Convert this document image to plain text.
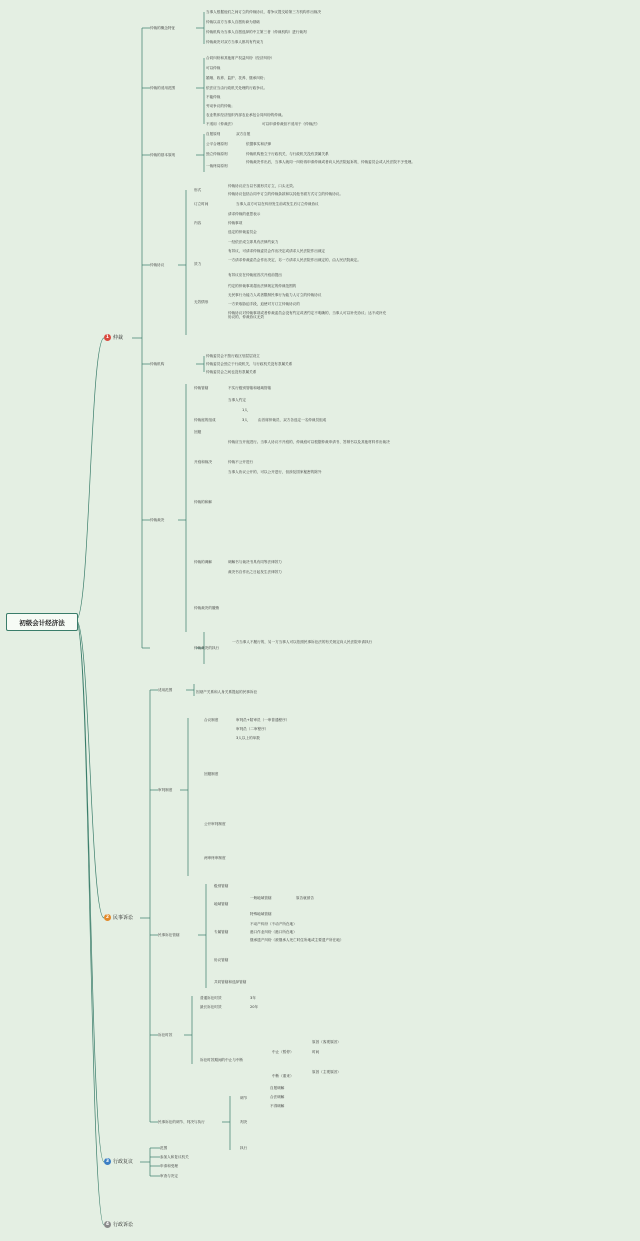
初级会计经济法
1 仲裁
2 民事诉讼
3 行政复议
4 行政诉讼
仲裁的概念特征
当事人根据他们之间订立的仲裁协议，将争议提交给第三方机构作出裁决
仲裁以双方当事人自愿协商为基础
仲裁机构为当事人自愿选择的中立第三者（仲裁机构）进行裁判
仲裁裁决对双方当事人都具有约束力
仲裁的适用范围
合同纠纷和其他财产权益纠纷（经济纠纷）
可以仲裁
婚姻、收养、监护、扶养、继承纠纷；
依法应当由行政机关处理的行政争议。
不能仲裁
劳动争议的仲裁；
农业集体经济组织内部农业承包合同纠纷的仲裁。
不适用《仲裁法》	可以申请仲裁但不适用于《仲裁法》
仲裁的基本原则
自愿原则	双方自愿
公平合理原则	依据事实和法律
独立仲裁原则	仲裁机构独立于行政机关，与行政机关没有隶属关系
一裁终局原则
仲裁裁决作出后，当事人就同一纠纷再申请仲裁或者向人民法院起诉的，仲裁委员会或人民法院不予受理。
仲裁协议
形式
仲裁协议应当以书面形式订立，口头无效。
仲裁协议包括合同中订立的仲裁条款和以其他书面方式订立的仲裁协议。
订立时间	当事人双方可以在纠纷发生前或发生后订立仲裁协议
内容
请求仲裁的意思表示
仲裁事项
选定的仲裁委员会
效力
一经依法成立即具有法律约束力
有异议，可请求仲裁委员会作出决定或请求人民法院作出裁定
一方请求仲裁委员会作出决定，另一方请求人民法院作出裁定的，由人民法院裁定。
有异议应在仲裁庭首次开庭前提出
无效情形
约定的仲裁事项超出法律规定的仲裁范围的
无民事行为能力人或者限制民事行为能力人订立的仲裁协议
一方采取胁迫手段，迫使对方订立仲裁协议的
仲裁协议对仲裁事项或者仲裁委员会没有约定或者约定不明确的，当事人可以补充协议；达不成补充协议的，仲裁协议无效
仲裁机构
仲裁委员会不按行政区划层层设立
仲裁委员会独立于行政机关，与行政机关没有隶属关系
仲裁委员会之间也没有隶属关系
仲裁裁决
仲裁管辖	不实行级别管辖和地域管辖
仲裁庭的组成
当事人约定
1人
3人	由首席仲裁员、双方各选定一名仲裁员组成
回避
开庭和裁决
仲裁应当开庭进行。当事人协议不开庭的，仲裁庭可以根据仲裁申请书、答辩书以及其他材料作出裁决
仲裁不公开进行
当事人协议公开的，可以公开进行，但涉及国家秘密的除外
仲裁的和解
仲裁的调解	调解书与裁决书具有同等法律效力
裁决书自作出之日起发生法律效力
仲裁裁决的撤销
仲裁裁决的执行
一方当事人不履行的，另一方当事人可以依照民事诉讼法的有关规定向人民法院申请执行
适用范围	因财产关系和人身关系提起的民事诉讼
审判制度
合议制度	审判员+陪审员（一审普通程序）
审判员（二审程序）
3人以上的单数
回避制度
公开审判制度
两审终审制度
民事诉讼管辖
级别管辖
地域管辖
一般地域管辖	原告就被告
特殊地域管辖
专属管辖
不动产纠纷（不动产所在地）
港口作业纠纷（港口所在地）
继承遗产纠纷（被继承人死亡时住所地或主要遗产所在地）
协议管辖
共同管辖和选择管辖
诉讼时效
普通诉讼时效	3年
最长诉讼时效	20年
诉讼时效期间的中止与中断
中止（暂停）
中断（重来）
原因（客观原因）
时间
原因（主观原因）
民事诉讼的调节、判决与执行
调节
自愿调解
合法调解
不得调解
判决
执行
范围
参加人和复议机关
申请和受理
审查与决定
